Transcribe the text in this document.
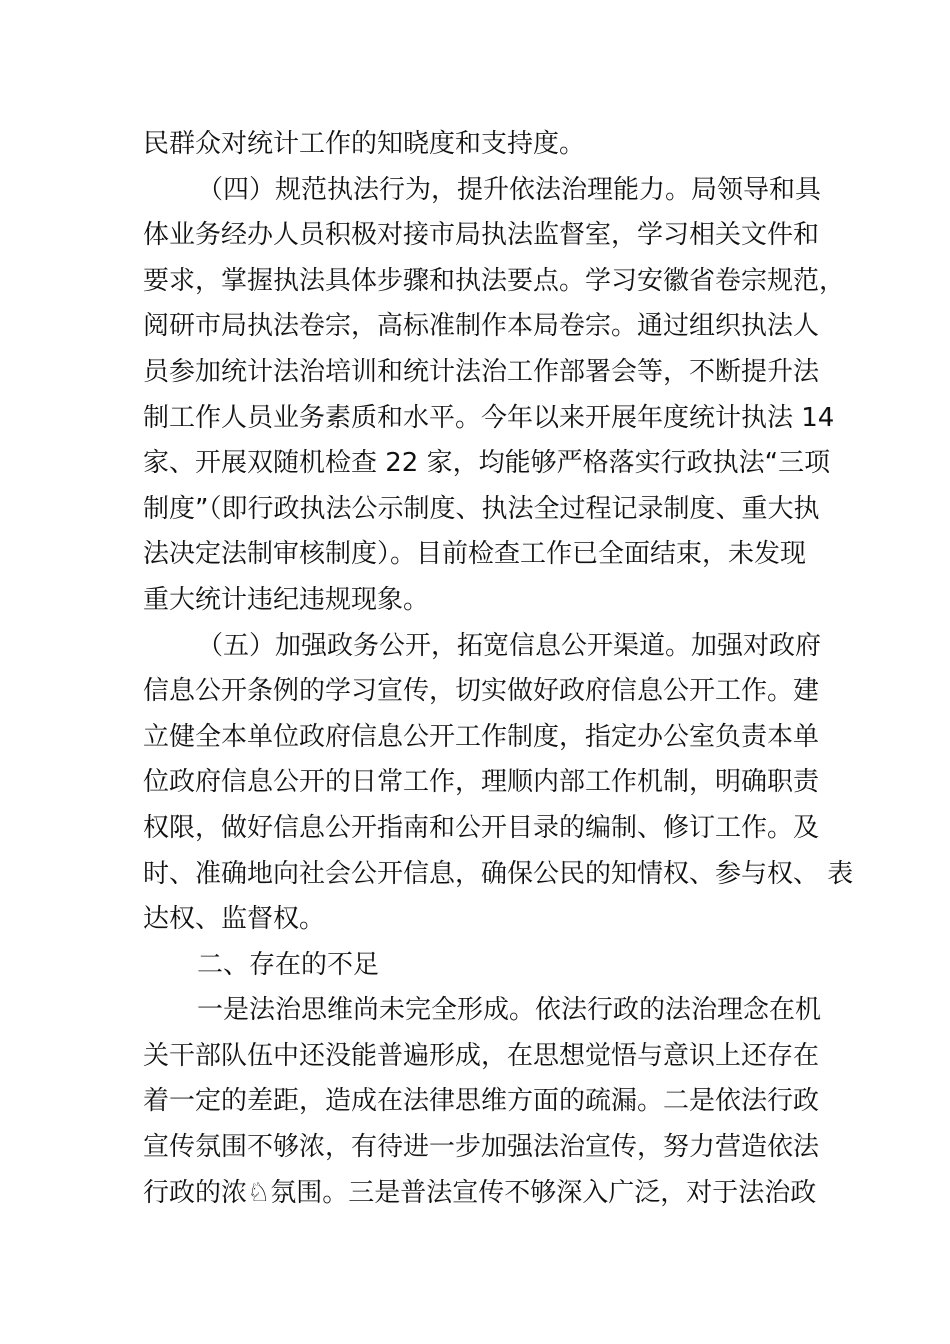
民群众对统计工作的知晓度和支持度。
（四）规范执法行为，提升依法治理能力。局领导和具
体业务经办人员积极对接市局执法监督室，学习相关文件和
要求，掌握执法具体步骤和执法要点。学习安徽省卷宗规范，
阅研市局执法卷宗，高标准制作本局卷宗。通过组织执法人
员参加统计法治培训和统计法治工作部署会等，不断提升法
制工作人员业务素质和水平。今年以来开展年度统计执法 14
家、开展双随机检查 22 家，均能够严格落实行政执法“三项
制度”（即行政执法公示制度、执法全过程记录制度、重大执
法决定法制审核制度）。目前检查工作已全面结束，未发现
重大统计违纪违规现象。
（五）加强政务公开，拓宽信息公开渠道。加强对政府
信息公开条例的学习宣传，切实做好政府信息公开工作。建
立健全本单位政府信息公开工作制度，指定办公室负责本单
位政府信息公开的日常工作，理顺内部工作机制，明确职责
权限，做好信息公开指南和公开目录的编制、修订工作。及
时、准确地向社会公开信息，确保公民的知情权、参与权、 表
达权、监督权。
二、存在的不足
一是法治思维尚未完全形成。依法行政的法治理念在机
关干部队伍中还没能普遍形成，在思想觉悟与意识上还存在
着一定的差距，造成在法律思维方面的疏漏。二是依法行政
宣传氛围不够浓，有待进一步加强法治宣传，努力营造依法
行政的浓♘氛围。三是普法宣传不够深入广泛，对于法治政
